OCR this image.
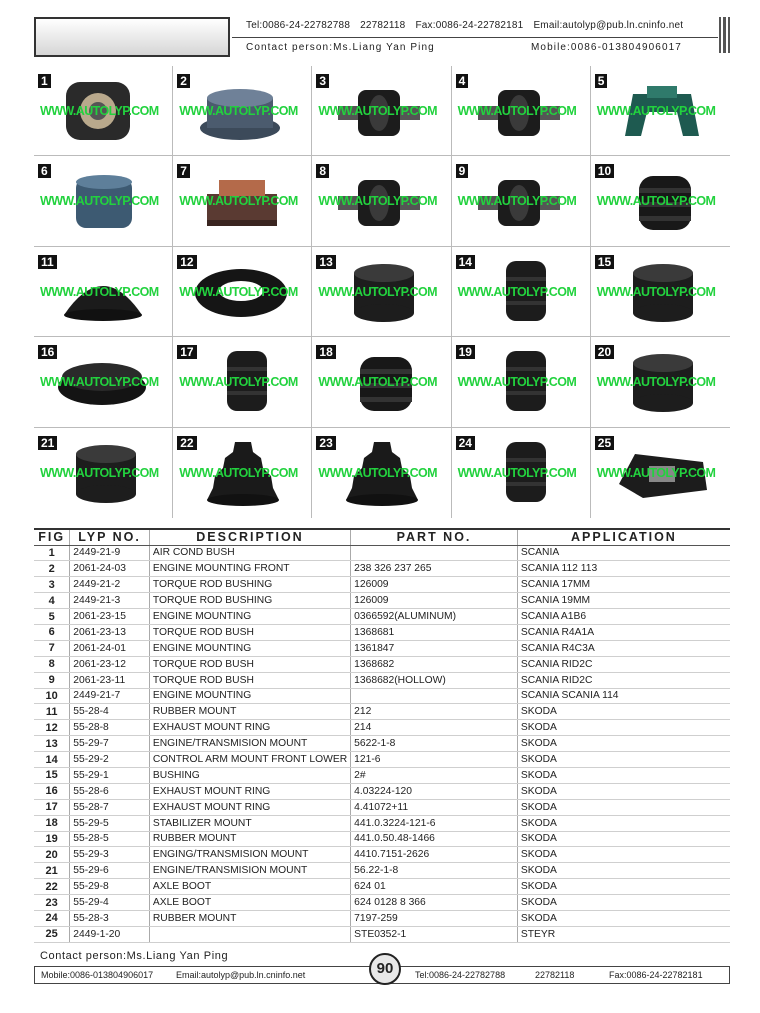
Tel:0086-24-22782788 22782118 Fax:0086-24-22782181 Email:autolyp@pub.ln.cninfo.net
Contact person:Ms.Liang Yan Ping	Mobile:0086-013804906017
1
WWW.AUTOLYP.COM
2
WWW.AUTOLYP.COM
3
WWW.AUTOLYP.COM
4
WWW.AUTOLYP.COM
5
WWW.AUTOLYP.COM
6
WWW.AUTOLYP.COM
7
WWW.AUTOLYP.COM
8
WWW.AUTOLYP.COM
9
WWW.AUTOLYP.COM
10
WWW.AUTOLYP.COM
11
WWW.AUTOLYP.COM
12
WWW.AUTOLYP.COM
13
WWW.AUTOLYP.COM
14
WWW.AUTOLYP.COM
15
WWW.AUTOLYP.COM
16
WWW.AUTOLYP.COM
17
WWW.AUTOLYP.COM
18
WWW.AUTOLYP.COM
19
WWW.AUTOLYP.COM
20
WWW.AUTOLYP.COM
21
WWW.AUTOLYP.COM
22
WWW.AUTOLYP.COM
23
WWW.AUTOLYP.COM
24
WWW.AUTOLYP.COM
25
WWW.AUTOLYP.COM
FIG	LYP NO.	DESCRIPTION	PART NO.	APPLICATION
1	2449-21-9	AIR COND BUSH		SCANIA
2	2061-24-03	ENGINE MOUNTING FRONT	238 326 237 265	SCANIA 112 113
3	2449-21-2	TORQUE ROD BUSHING	126009	SCANIA 17MM
4	2449-21-3	TORQUE ROD BUSHING	126009	SCANIA 19MM
5	2061-23-15	ENGINE MOUNTING	0366592(ALUMINUM)	SCANIA A1B6
6	2061-23-13	TORQUE ROD BUSH	1368681	SCANIA R4A1A
7	2061-24-01	ENGINE MOUNTING	1361847	SCANIA R4C3A
8	2061-23-12	TORQUE ROD BUSH	1368682	SCANIA RID2C
9	2061-23-11	TORQUE ROD BUSH	1368682(HOLLOW)	SCANIA RID2C
10	2449-21-7	ENGINE MOUNTING		SCANIA SCANIA 114
11	55-28-4	RUBBER MOUNT	212	SKODA
12	55-28-8	EXHAUST MOUNT RING	214	SKODA
13	55-29-7	ENGINE/TRANSMISION MOUNT	5622-1-8	SKODA
14	55-29-2	CONTROL ARM MOUNT FRONT LOWER	121-6	SKODA
15	55-29-1	BUSHING	2#	SKODA
16	55-28-6	EXHAUST MOUNT RING	4.03224-120	SKODA
17	55-28-7	EXHAUST MOUNT RING	4.41072+11	SKODA
18	55-29-5	STABILIZER MOUNT	441.0.3224-121-6	SKODA
19	55-28-5	RUBBER MOUNT	441.0.50.48-1466	SKODA
20	55-29-3	ENGING/TRANSMISION MOUNT	4410.7151-2626	SKODA
21	55-29-6	ENGINE/TRANSMISION MOUNT	56.22-1-8	SKODA
22	55-29-8	AXLE BOOT	624 01	SKODA
23	55-29-4	AXLE BOOT	624 0128 8 366	SKODA
24	55-28-3	RUBBER MOUNT	7197-259	SKODA
25	2449-1-20		STE0352-1	STEYR
Contact person:Ms.Liang Yan Ping
Mobile:0086-013804906017	Email:autolyp@pub.ln.cninfo.net	Tel:0086-24-22782788	22782118	Fax:0086-24-22782181
90
